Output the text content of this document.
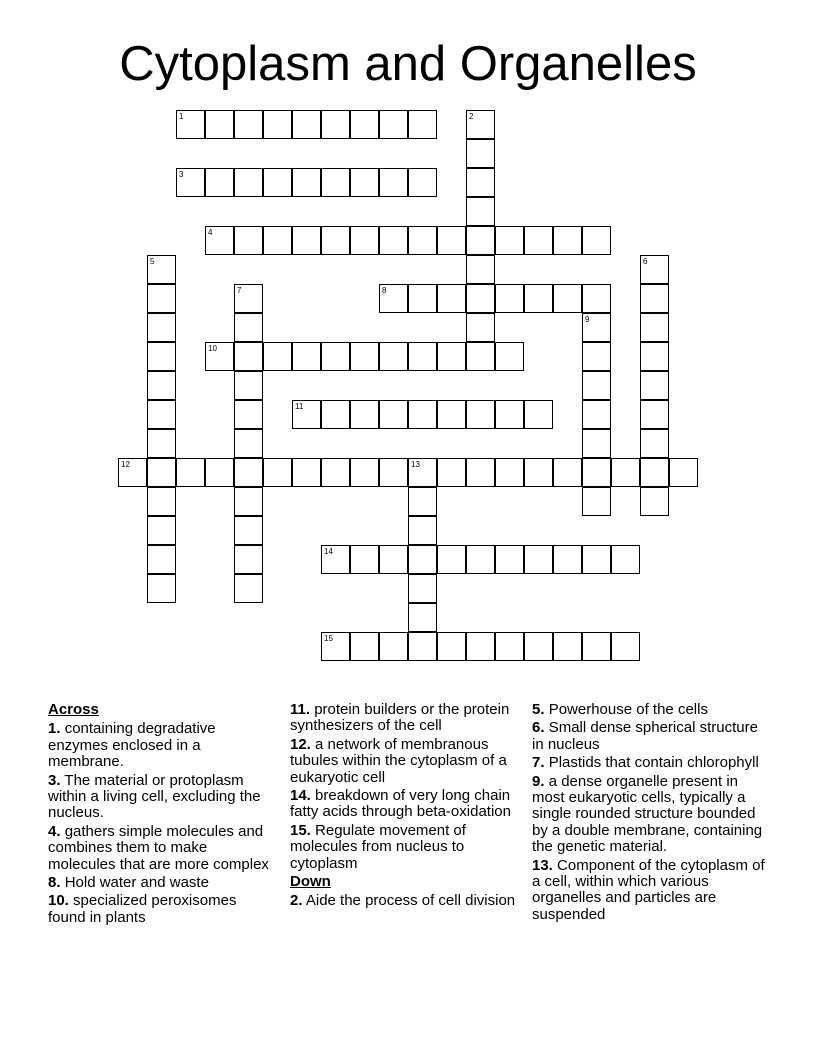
Cytoplasm and Organelles
1
3
4
8
10
11
12	13
14
15
2
5	6
7
9
Across
1. containing degradative enzymes enclosed in a membrane.
3. The material or protoplasm within a living cell, excluding the nucleus.
4. gathers simple molecules and combines them to make molecules that are more complex
8. Hold water and waste
10. specialized peroxisomes found in plants
11. protein builders or the protein synthesizers of the cell
12. a network of membranous tubules within the cytoplasm of a eukaryotic cell
14. breakdown of very long chain fatty acids through beta-oxidation
15. Regulate movement of molecules from nucleus to cytoplasm
Down
2. Aide the process of cell division
5. Powerhouse of the cells
6. Small dense spherical structure in nucleus
7. Plastids that contain chlorophyll
9. a dense organelle present in most eukaryotic cells, typically a single rounded structure bounded by a double membrane, containing the genetic material.
13. Component of the cytoplasm of a cell, within which various organelles and particles are suspended
